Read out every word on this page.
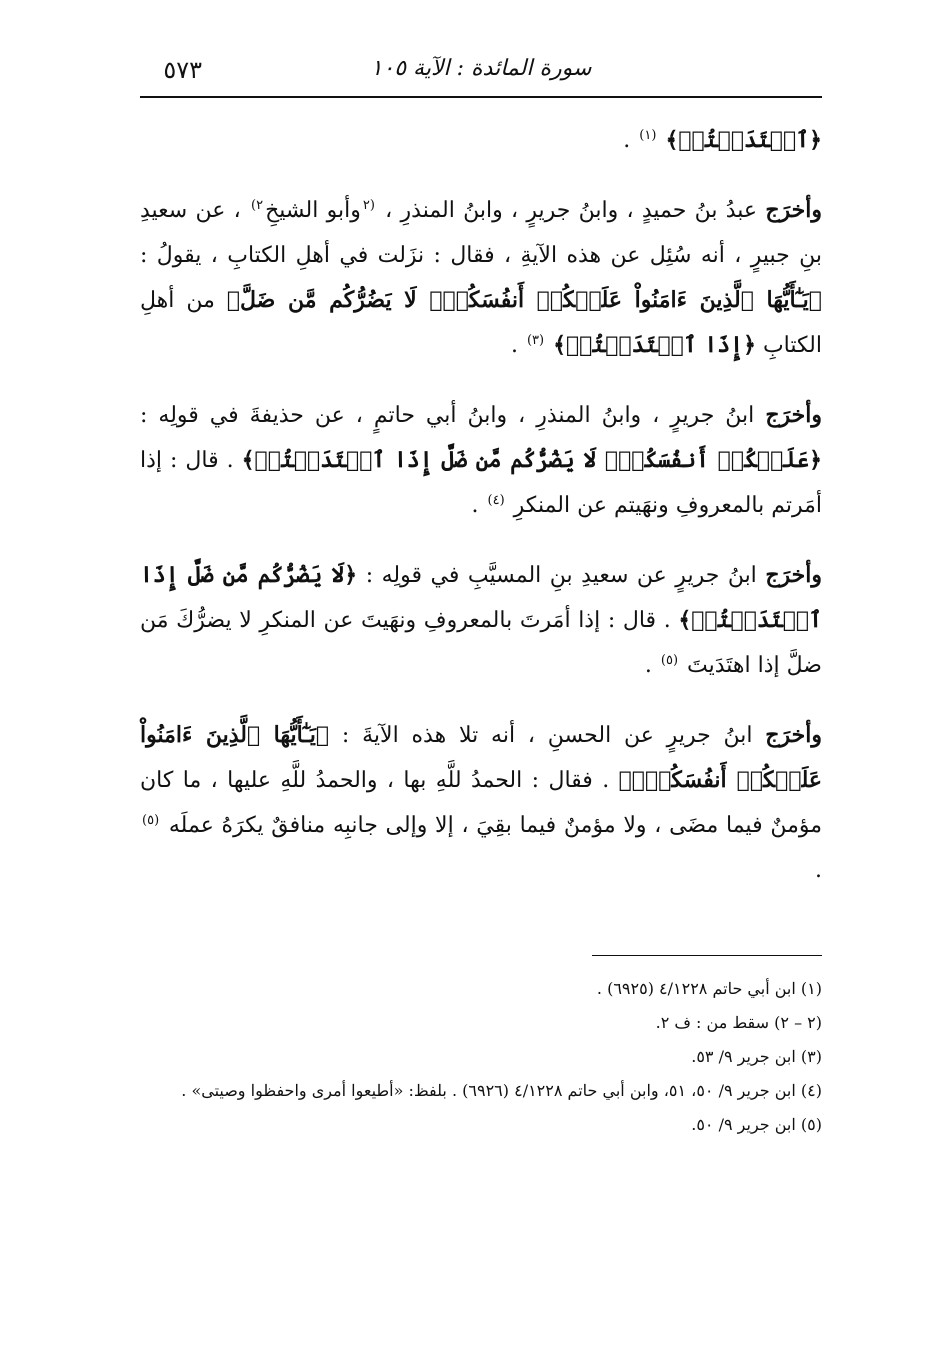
سورة المائدة : الآية ١٠٥
٥٧٣

﴿ٱهۡتَدَيۡتُمۡ﴾ $^{(١)}$ .

وأخرَج عبدُ بنُ حميدٍ ، وابنُ جريرٍ ، وابنُ المنذرِ ، $^{(٢}$وأبو الشيخِ$^{٢)}$ ، عن سعيدِ بنِ جبيرٍ ، أنه سُئِل عن هذه الآيةِ ، فقال : نزَلت في أهلِ الكتابِ ، يقولُ : ﴿يَـٰٓأَيُّهَا ٱلَّذِينَ ءَامَنُواْ عَلَيۡكُمۡ أَنفُسَكُمۡۖ لَا يَضُرُّكُم مَّن ضَلَّ﴾ من أهلِ الكتابِ ﴿إِذَا ٱهۡتَدَيۡتُمۡ﴾ $^{(٣)}$ .

وأخرَج ابنُ جريرٍ ، وابنُ المنذرِ ، وابنُ أبي حاتمٍ ، عن حذيفةَ في قولِه : ﴿عَلَيۡكُمۡ أَنفُسَكُمۡۖ لَا يَضُرُّكُم مَّن ضَلَّ إِذَا ٱهۡتَدَيۡتُمۡ﴾ . قال : إذا أمَرتم بالمعروفِ ونهَيتم عن المنكرِ $^{(٤)}$ .

وأخرَج ابنُ جريرٍ عن سعيدِ بنِ المسيَّبِ في قولِه : ﴿لَا يَضُرُّكُم مَّن ضَلَّ إِذَا ٱهۡتَدَيۡتُمۡ﴾ . قال : إذا أمَرتَ بالمعروفِ ونهَيتَ عن المنكرِ لا يضرُّكَ مَن ضلَّ إذا اهتَدَيتَ $^{(٥)}$ .

وأخرَج ابنُ جريرٍ عن الحسنِ ، أنه تلا هذه الآيةَ : ﴿يَـٰٓأَيُّهَا ٱلَّذِينَ ءَامَنُواْ عَلَيۡكُمۡ أَنفُسَكُمۡۖ﴾ . فقال : الحمدُ للَّهِ بها ، والحمدُ للَّهِ عليها ، ما كان مؤمنٌ فيما مضَى ، ولا مؤمنٌ فيما بقِيَ ، إلا وإلى جانبِه منافقٌ يكرَهُ عملَه $^{(٥)}$ .

(١) ابن أبي حاتم ٤/١٢٢٨ (٦٩٢٥) .

(٢ – ٢) سقط من : ف ٢.

(٣) ابن جرير ٩/ ٥٣.

(٤) ابن جرير ٩/ ٥٠، ٥١، وابن أبي حاتم ٤/١٢٢٨ (٦٩٢٦) . بلفظ: «أطيعوا أمرى واحفظوا وصيتى» .

(٥) ابن جرير ٩/ ٥٠.
